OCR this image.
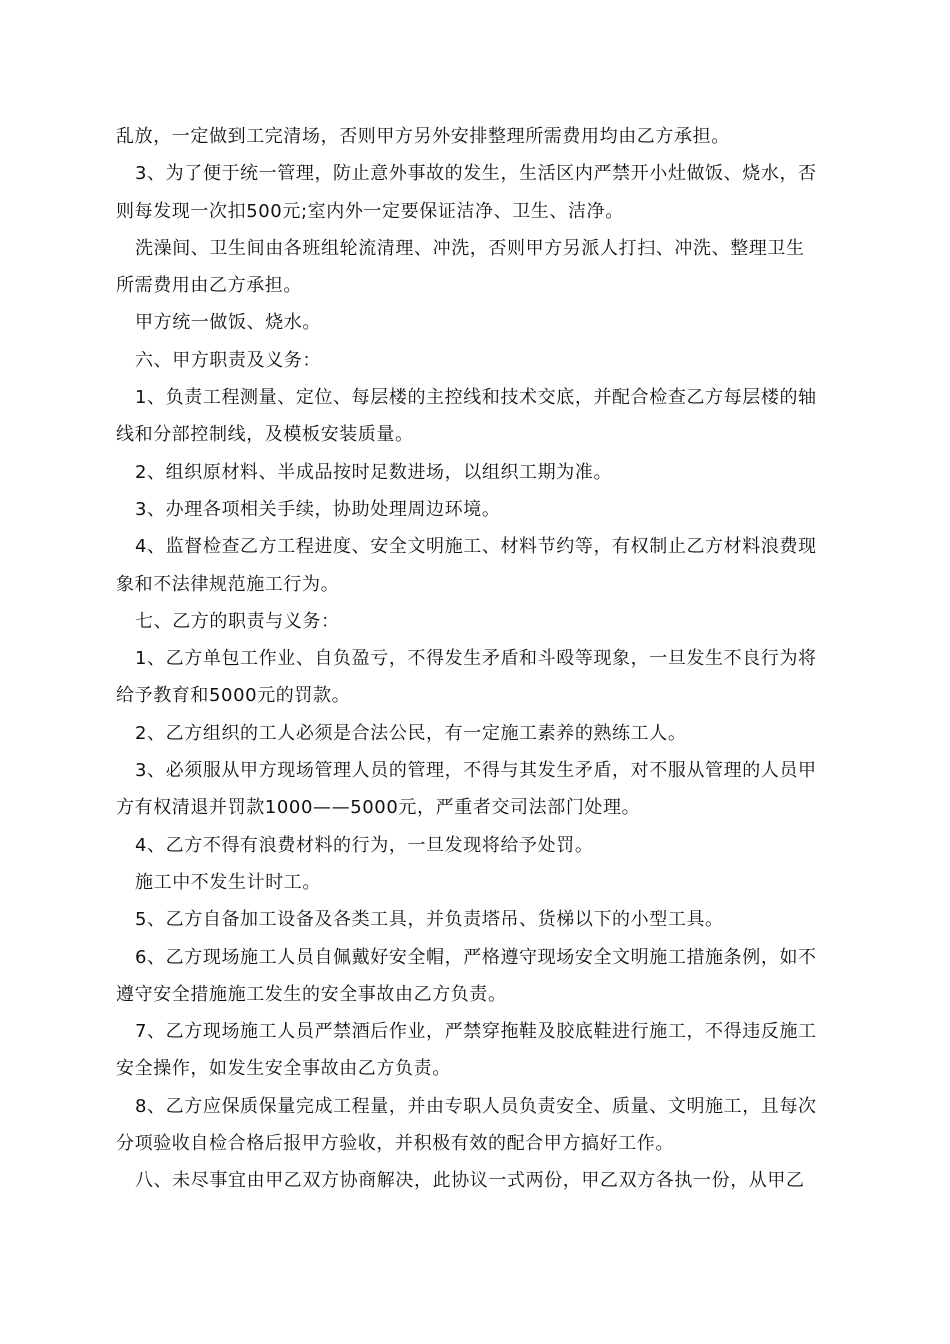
乱放，一定做到工完清场，否则甲方另外安排整理所需费用均由乙方承担。
3、为了便于统一管理，防止意外事故的发生，生活区内严禁开小灶做饭、烧水，否
则每发现一次扣500元;室内外一定要保证洁净、卫生、洁净。
洗澡间、卫生间由各班组轮流清理、冲洗，否则甲方另派人打扫、冲洗、整理卫生
所需费用由乙方承担。
甲方统一做饭、烧水。
六、甲方职责及义务：
1、负责工程测量、定位、每层楼的主控线和技术交底，并配合检查乙方每层楼的轴
线和分部控制线，及模板安装质量。
2、组织原材料、半成品按时足数进场，以组织工期为准。
3、办理各项相关手续，协助处理周边环境。
4、监督检查乙方工程进度、安全文明施工、材料节约等，有权制止乙方材料浪费现
象和不法律规范施工行为。
七、乙方的职责与义务：
1、乙方单包工作业、自负盈亏，不得发生矛盾和斗殴等现象，一旦发生不良行为将
给予教育和5000元的罚款。
2、乙方组织的工人必须是合法公民，有一定施工素养的熟练工人。
3、必须服从甲方现场管理人员的管理，不得与其发生矛盾，对不服从管理的人员甲
方有权清退并罚款1000——5000元，严重者交司法部门处理。
4、乙方不得有浪费材料的行为，一旦发现将给予处罚。
施工中不发生计时工。
5、乙方自备加工设备及各类工具，并负责塔吊、货梯以下的小型工具。
6、乙方现场施工人员自佩戴好安全帽，严格遵守现场安全文明施工措施条例，如不
遵守安全措施施工发生的安全事故由乙方负责。
7、乙方现场施工人员严禁酒后作业，严禁穿拖鞋及胶底鞋进行施工，不得违反施工
安全操作，如发生安全事故由乙方负责。
8、乙方应保质保量完成工程量，并由专职人员负责安全、质量、文明施工，且每次
分项验收自检合格后报甲方验收，并积极有效的配合甲方搞好工作。
八、未尽事宜由甲乙双方协商解决，此协议一式两份，甲乙双方各执一份，从甲乙
